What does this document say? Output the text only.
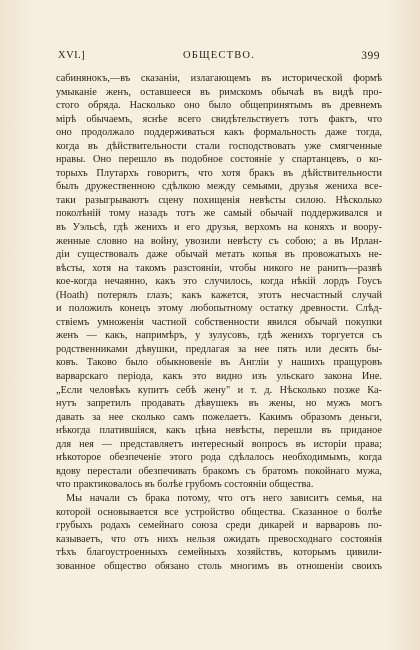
XVI.]	ОБЩЕСТВО.	399
сабиняноκъ,—въ сказаніи, излагающемъ въ историческοй формѣ
умыканіе женъ, оставшееся въ римскомъ обычаѣ въ видѣ про-
стого обряда. Насколько оно было общепринятымъ въ древнемъ
мірѣ обычаемъ, яснѣе всего свидѣтельствуетъ тотъ фактъ, что
оно продолжало поддерживаться какъ формальность даже тогда,
когда въ дѣйствительности стали господствовать уже смягченные
нравы. Оно перешло въ подобное состояніе у спартанцевъ, о ко-
торыхъ Плутархъ говоритъ, что хотя бракъ въ дѣйствительности
былъ дружественною сдѣлкою между семьями, друзья жениха все-
таки разыгрываютъ сцену похищенія невѣсты силою. Нѣсколько
поколѣній тому назадъ тотъ же самый обычай поддерживался и
въ Уэльсѣ, гдѣ женихъ и его друзья, верхомъ на коняхъ и воору-
женные словно на войну, увозили невѣсту съ собою; а въ Ирлан-
діи существовалъ даже обычай метать копья въ провожатыхъ не-
вѣсты, хотя на такомъ разстояніи, чтобы никого не ранить—развѣ
кое-когда нечаянно, какъ это случилось, когда нѣкій лордъ Гоусъ
(Hoath) потерялъ глазъ; какъ кажется, этотъ несчастный случай
и положилъ конецъ этому любопытному остатку древности. Слѣд-
ствіемъ умноженія частной собственности явился обычай покупки
женъ — какъ, напримѣръ, у зулусовъ, гдѣ женихъ торгуется съ
родственниками дѣвушки, предлагая за нее пять или десять бы-
ковъ. Таково было обыкновеніе въ Англіи у нашихъ пращуровъ
варварскаго періода, какъ это видно изъ ульскаго закона Ине.
„Если человѣкъ купитъ себѣ жену" и т. д. Нѣсколько позже Ка-
нутъ запретилъ продавать дѣвушекъ въ жены, но мужъ могъ
давать за нее сколько самъ пожелаетъ. Какимъ образомъ деньги,
нѣкогда платившіяся, какъ цѣна невѣсты, перешли въ приданое
для нея — представляетъ интересный вопросъ въ исторіи права;
нѣкоторое обезпеченіе этого рода сдѣлалось необходимымъ, когда
вдову перестали обезпечивать бракомъ съ братомъ покойнаго мужа,
что практиковалось въ болѣе грубомъ состояніи общества.
Мы начали съ брака потому, что отъ него зависитъ семья, на
которой основывается все устройство общества. Сказанное о болѣе
грубыхъ родахъ семейнаго союза среди дикарей и варваровъ по-
казываетъ, что отъ нихъ нельзя ожидать превосходнаго состоянія
тѣхъ благоустроенныхъ семейныхъ хозяйствъ, которымъ цивили-
зованное общество обязано столь многимъ въ отношеніи своихъ
